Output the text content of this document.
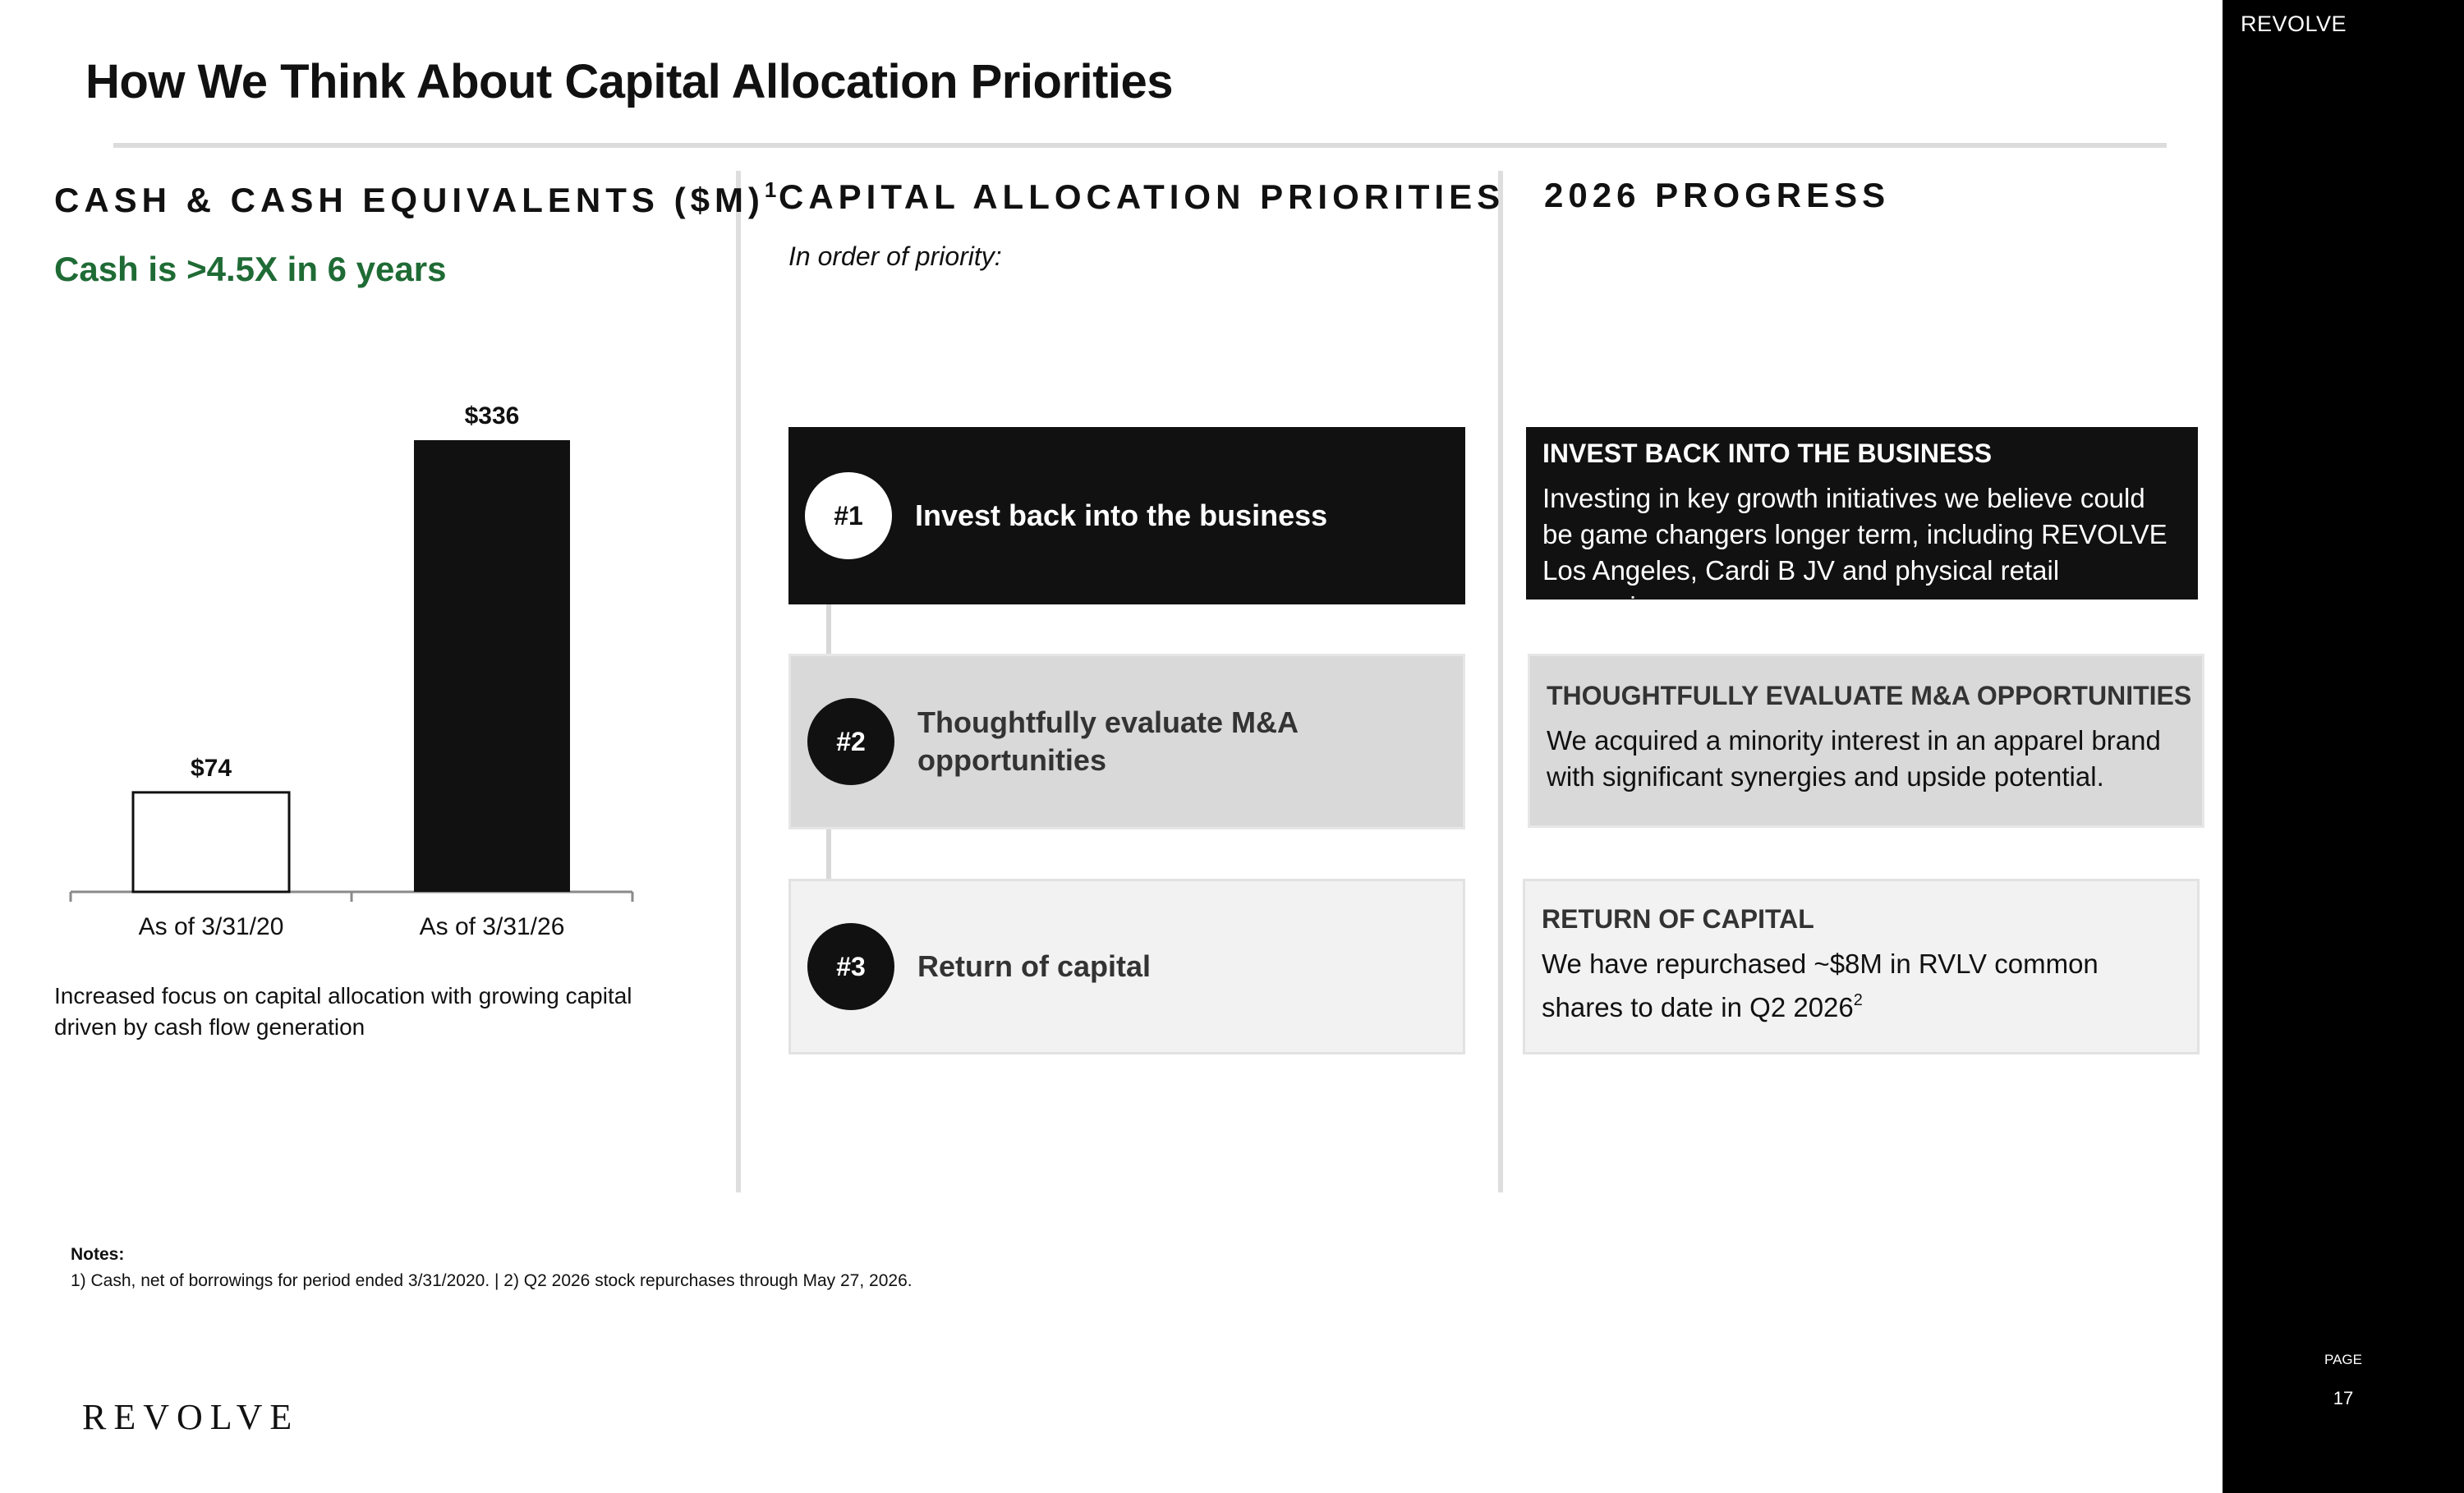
How We Think About Capital Allocation Priorities
REVOLVE
PAGE
17
CASH & CASH EQUIVALENTS ($M)$^1$
Cash is >4.5X in 6 years
$74
As of 3/31/20
$336
As of 3/31/26
Increased focus on capital allocation with growing capital driven by cash flow generation
CAPITAL ALLOCATION PRIORITIES
In order of priority:
#1	Invest back into the business
#2
Thoughtfully evaluate M&A opportunities
#3	Return of capital
2026 PROGRESS
INVEST BACK INTO THE BUSINESS
Investing in key growth initiatives we believe could be game changers longer term, including REVOLVE Los Angeles, Cardi B JV and physical retail expansion.
THOUGHTFULLY EVALUATE M&A OPPORTUNITIES
We acquired a minority interest in an apparel brand with significant synergies and upside potential.
RETURN OF CAPITAL
We have repurchased ~$8M in RVLV common shares to date in Q2 2026$^2$
Notes:
1) Cash, net of borrowings for period ended 3/31/2020. | 2) Q2 2026 stock repurchases through May 27, 2026.
REVOLVE
